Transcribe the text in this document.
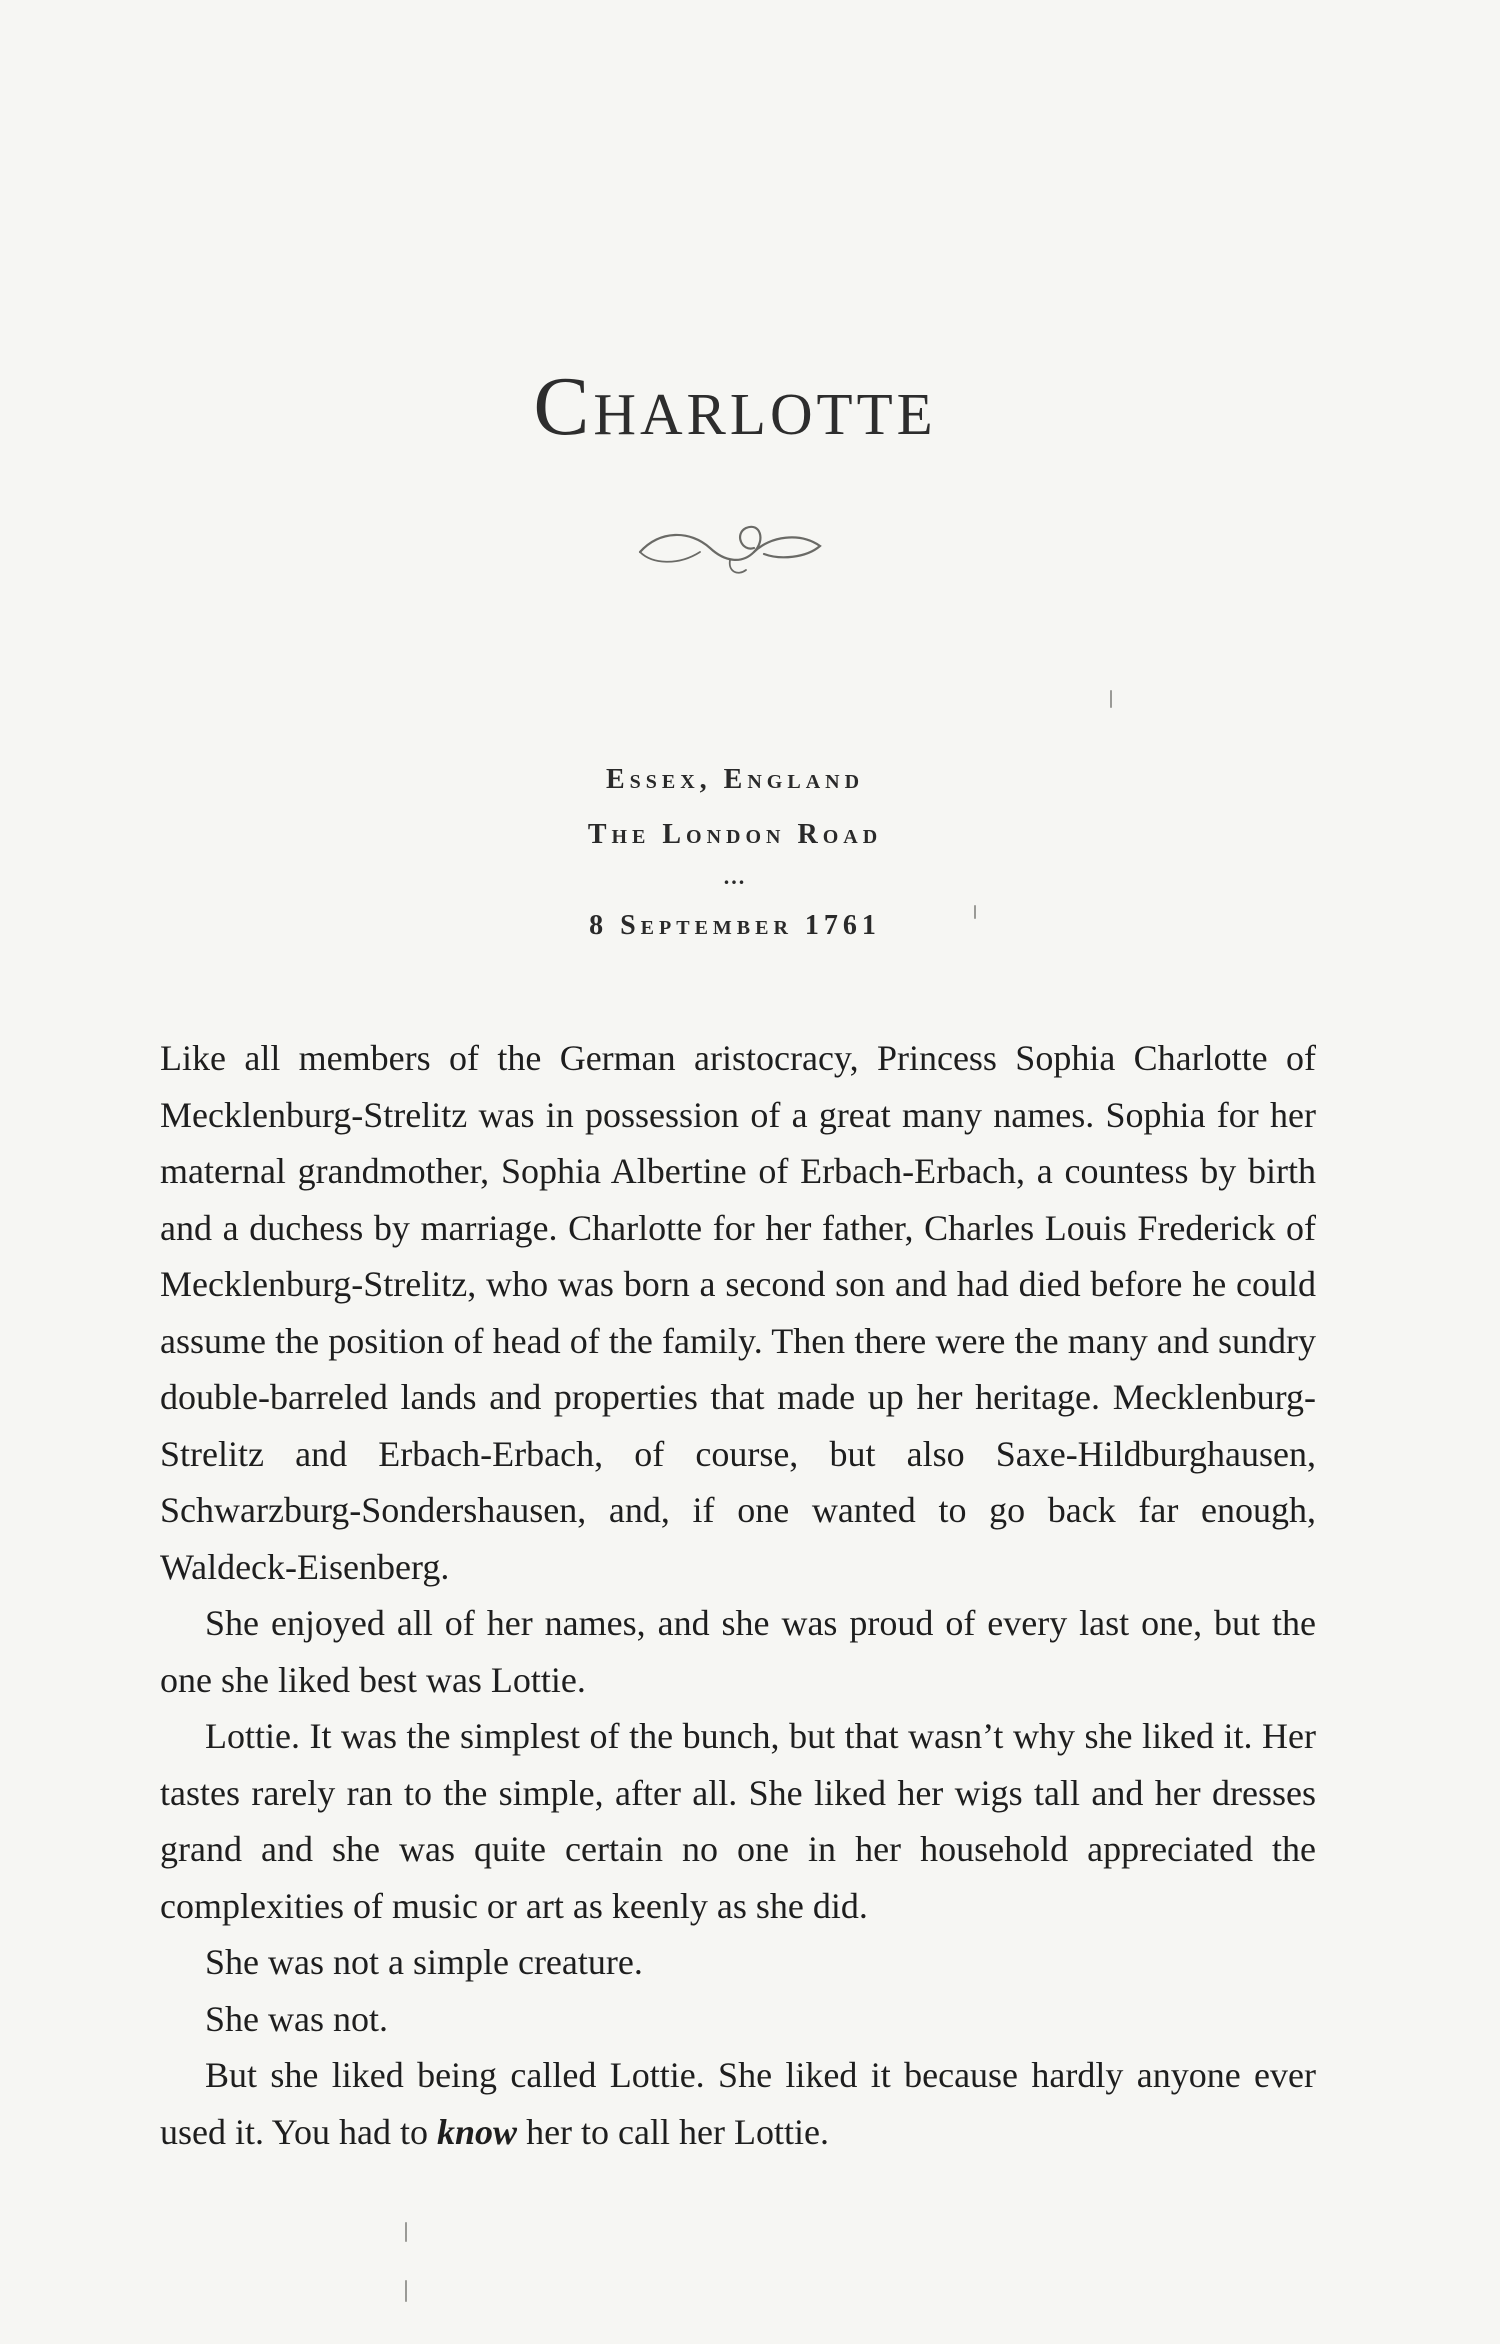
Charlotte
Essex, England
The London Road
...
8 September 1761

Like all members of the German aristocracy, Princess Sophia Charlotte of Mecklenburg-Strelitz was in possession of a great many names. Sophia for her maternal grandmother, Sophia Albertine of Erbach-Erbach, a countess by birth and a duchess by marriage. Charlotte for her father, Charles Louis Frederick of Mecklenburg-Strelitz, who was born a second son and had died before he could assume the position of head of the family. Then there were the many and sundry double-barreled lands and properties that made up her heritage. Mecklenburg-Strelitz and Erbach-Erbach, of course, but also Saxe-Hildburghausen, Schwarzburg-Sondershausen, and, if one wanted to go back far enough, Waldeck-Eisenberg.

She enjoyed all of her names, and she was proud of every last one, but the one she liked best was Lottie.

Lottie. It was the simplest of the bunch, but that wasn’t why she liked it. Her tastes rarely ran to the simple, after all. She liked her wigs tall and her dresses grand and she was quite certain no one in her household appreciated the complexities of music or art as keenly as she did.

She was not a simple creature.

She was not.

But she liked being called Lottie. She liked it because hardly anyone ever used it. You had to know her to call her Lottie.
